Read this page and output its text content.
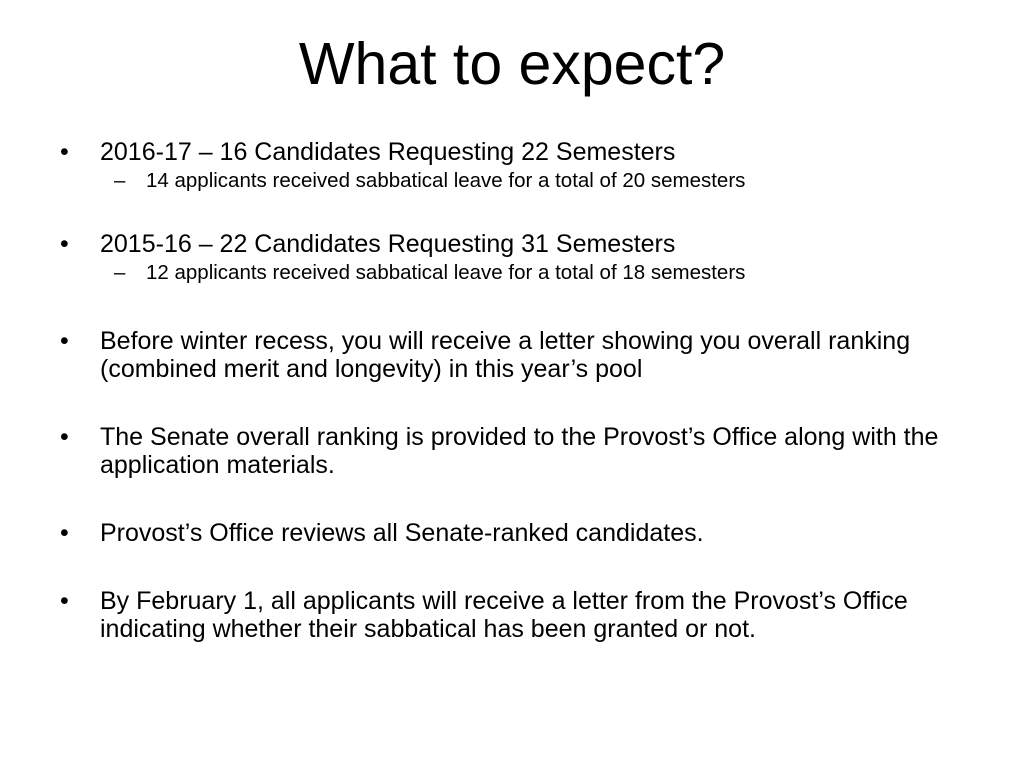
What to expect?
•	2016-17 – 16 Candidates Requesting 22 Semesters
–	14 applicants received sabbatical leave for a total of 20 semesters
•	2015-16 – 22 Candidates Requesting 31 Semesters
–	12 applicants received sabbatical leave for a total of 18 semesters
•	Before winter recess, you will receive a letter showing you overall ranking (combined merit and longevity) in this year’s pool
•	The Senate overall ranking is provided to the Provost’s Office along with the application materials.
•	Provost’s Office reviews all Senate-ranked candidates.
•	By February 1, all applicants will receive a letter from the Provost’s Office indicating whether their sabbatical has been granted or not.
